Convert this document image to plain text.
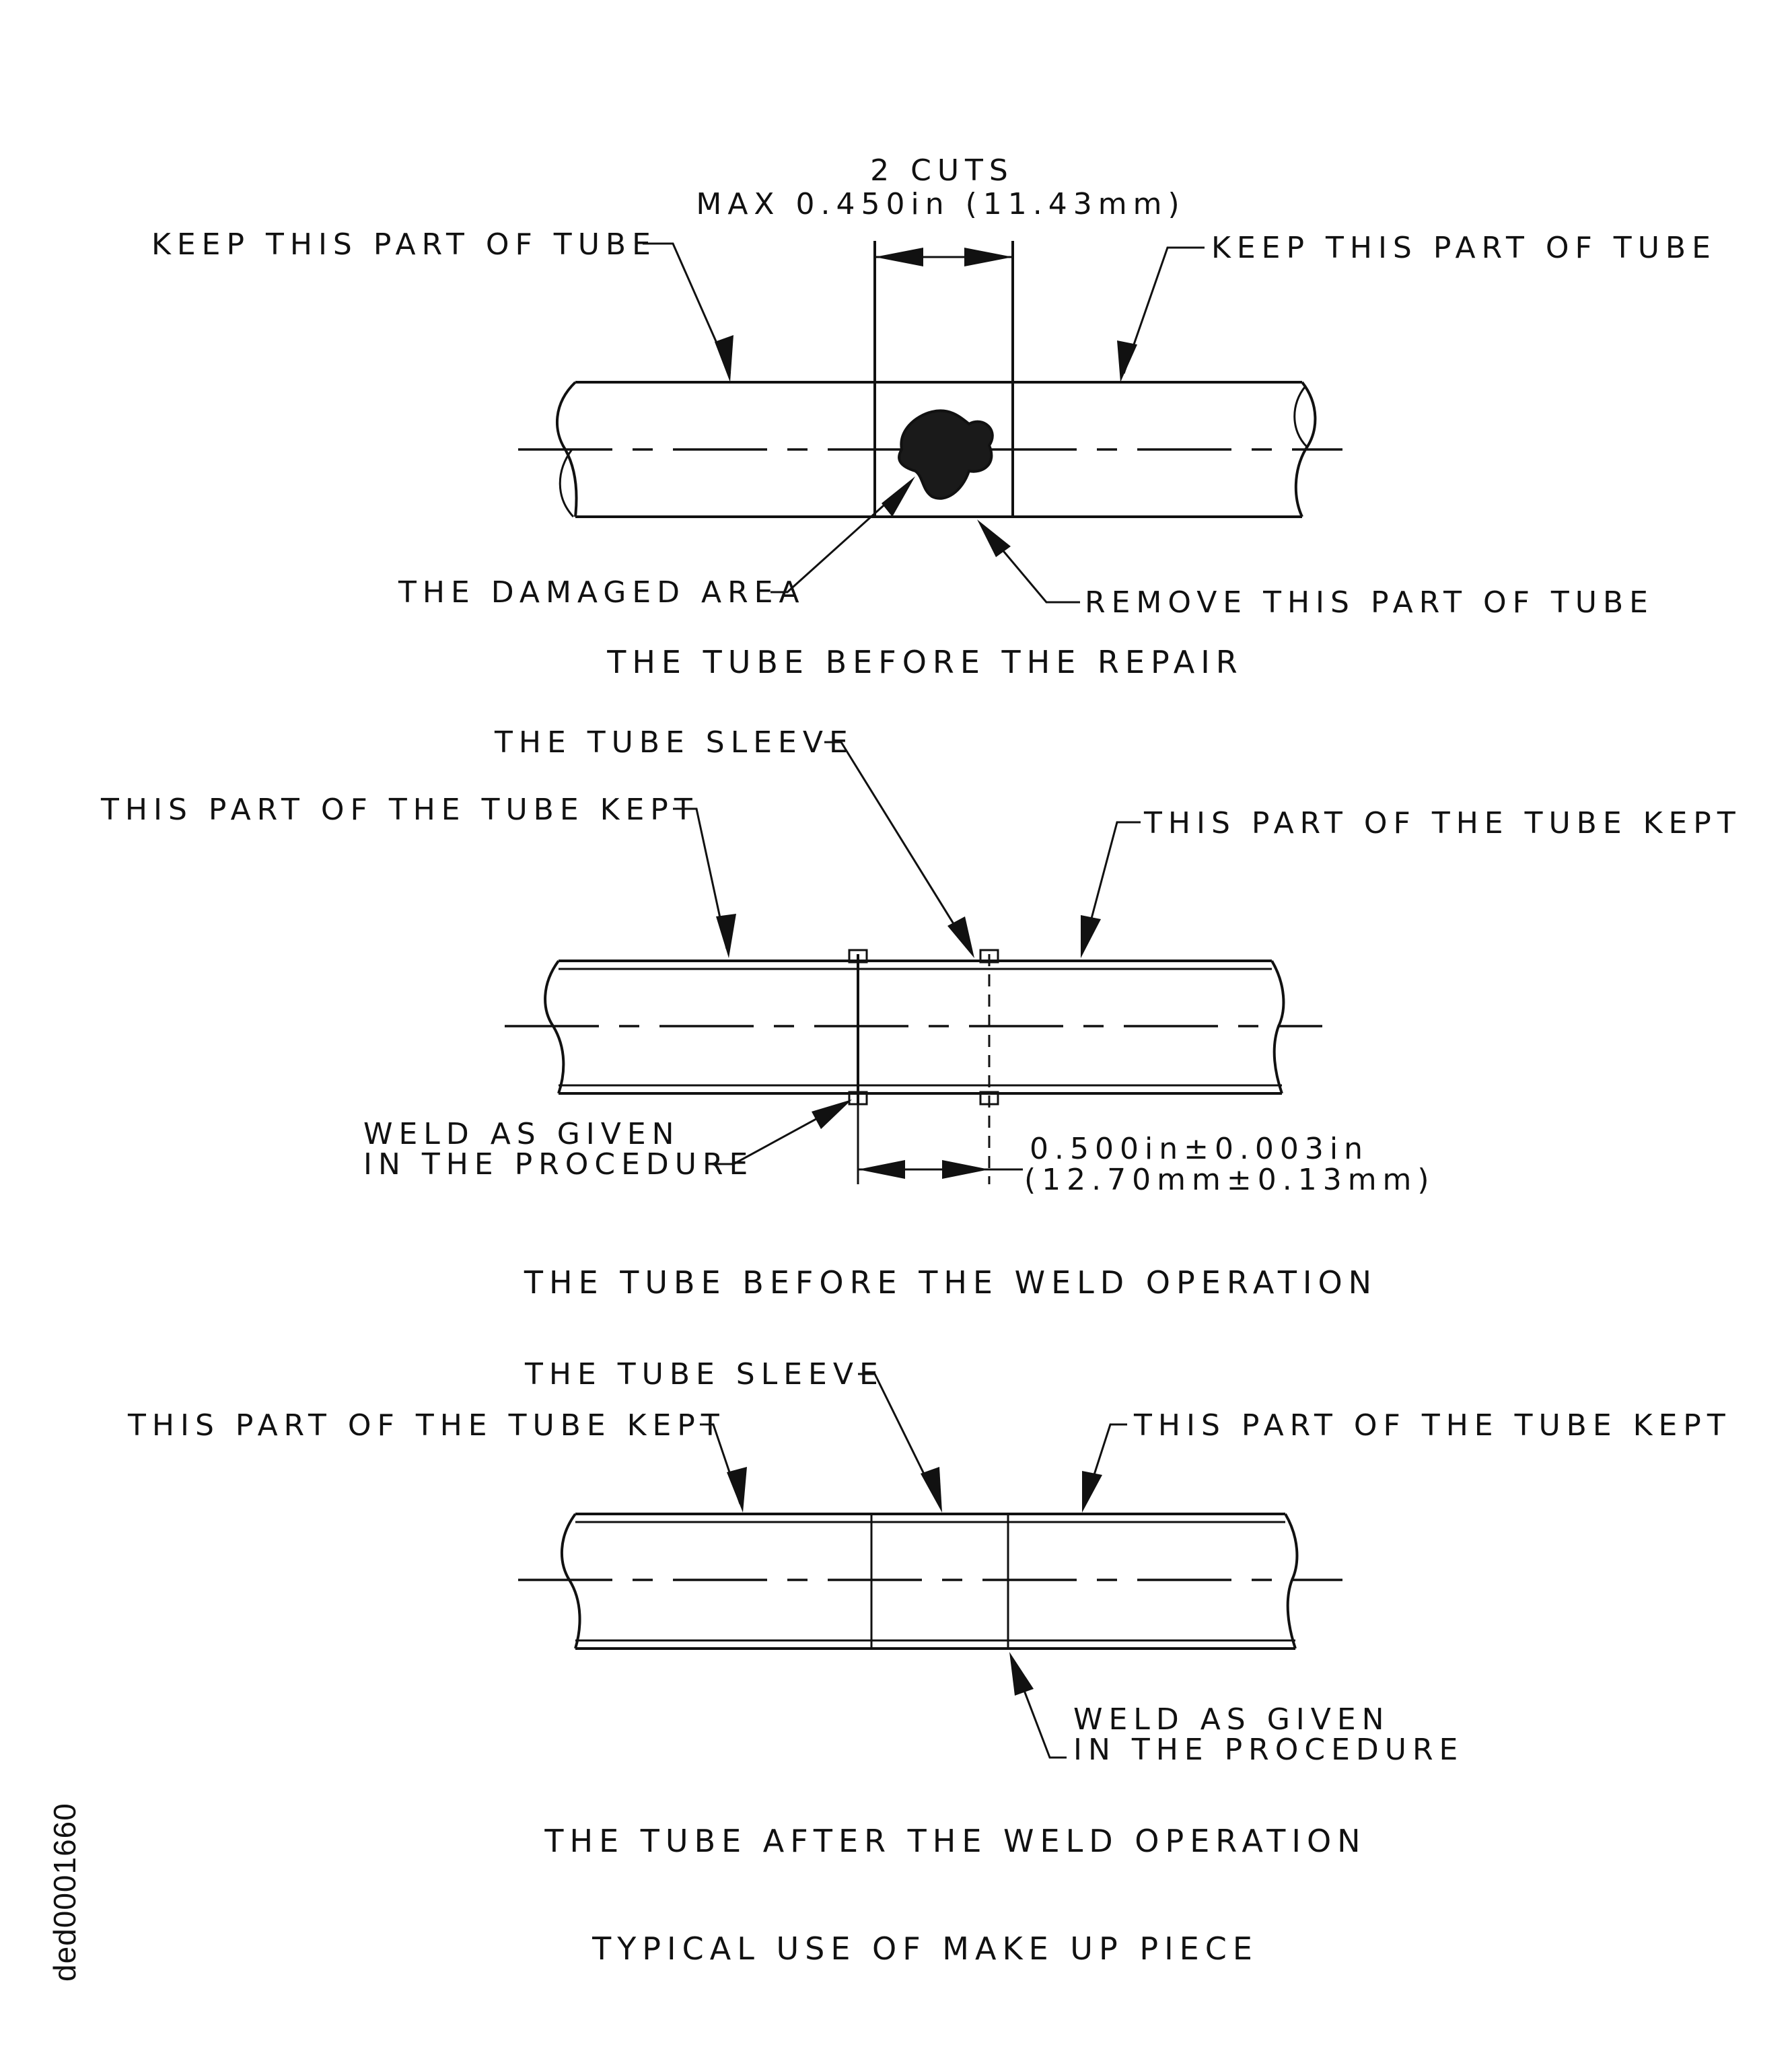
2 CUTS
MAX 0.450in (11.43mm)
KEEP THIS PART OF TUBE	KEEP THIS PART OF TUBE
THE DAMAGED AREA	REMOVE THIS PART OF TUBE
THE TUBE BEFORE THE REPAIR
THE TUBE SLEEVE
THIS PART OF THE TUBE KEPT	THIS PART OF THE TUBE KEPT
WELD AS GIVEN
IN THE PROCEDURE	0.500in±0.003in
(12.70mm±0.13mm)
THE TUBE BEFORE THE WELD OPERATION
THE TUBE SLEEVE
THIS PART OF THE TUBE KEPT	THIS PART OF THE TUBE KEPT
WELD AS GIVEN
IN THE PROCEDURE
THE TUBE AFTER THE WELD OPERATION
TYPICAL USE OF MAKE UP PIECE
ded0001660
